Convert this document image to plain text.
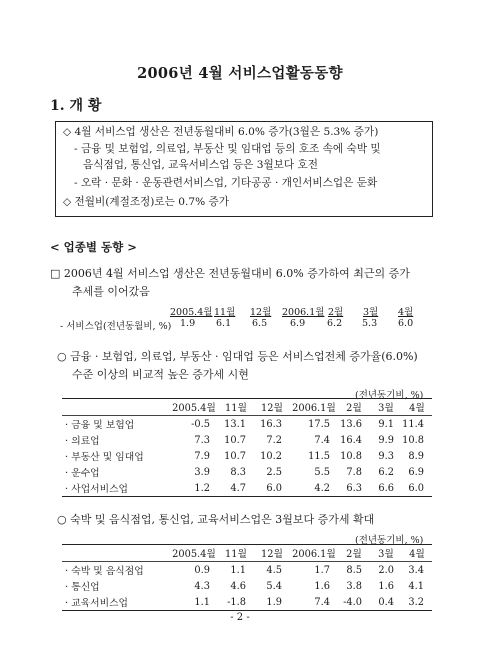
2006년 4월 서비스업활동동향
1. 개 황
◇ 4월 서비스업 생산은 전년동월대비 6.0% 증가(3월은 5.3% 증가)
- 금융 및 보험업, 의료업, 부동산 및 임대업 등의 호조 속에 숙박 및
음식점업, 통신업, 교육서비스업 등은 3월보다 호전
- 오락 · 문화 · 운동관련서비스업, 기타공공 · 개인서비스업은 둔화
◇ 전월비(계절조정)로는 0.7% 증가
< 업종별 동향 >
□ 2006년 4월 서비스업 생산은 전년동월대비 6.0% 증가하여 최근의 증가
추세를 이어갔음
2005.4월 11월 12월 2006.1월 2월 3월 4월
- 서비스업(전년동월비, %) 1.9 6.1 6.5 6.9 6.2 5.3 6.0
○ 금융 · 보험업, 의료업, 부동산 · 임대업 등은 서비스업전체 증가율(6.0%)
수준 이상의 비교적 높은 증가세 시현
(전년동기비, %)
	2005.4월	11월	12월	2006.1월	2월	3월	4월
· 금융 및 보험업	-0.5	13.1	16.3	17.5	13.6	9.1	11.4
· 의료업	7.3	10.7	7.2	7.4	16.4	9.9	10.8
· 부동산 및 임대업	7.9	10.7	10.2	11.5	10.8	9.3	8.9
· 운수업	3.9	8.3	2.5	5.5	7.8	6.2	6.9
· 사업서비스업	1.2	4.7	6.0	4.2	6.3	6.6	6.0
○ 숙박 및 음식점업, 통신업, 교육서비스업은 3월보다 증가세 확대
(전년동기비, %)
	2005.4월	11월	12월	2006.1월	2월	3월	4월
· 숙박 및 음식점업	0.9	1.1	4.5	1.7	8.5	2.0	3.4
· 통신업	4.3	4.6	5.4	1.6	3.8	1.6	4.1
· 교육서비스업	1.1	-1.8	1.9	7.4	-4.0	0.4	3.2
- 2 -
